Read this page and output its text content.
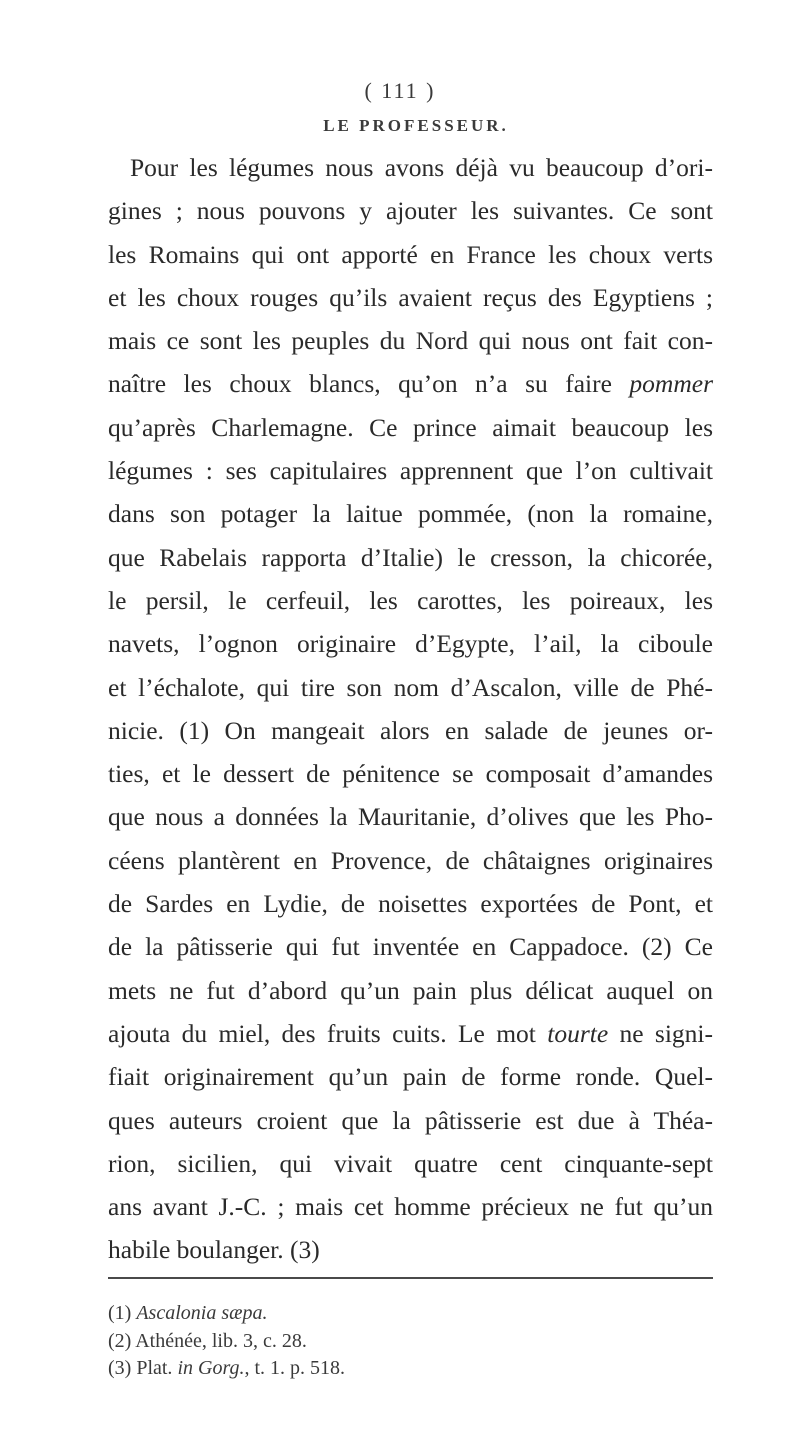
( 111 )
LE PROFESSEUR.
Pour les légumes nous avons déjà vu beaucoup d’ori-
gines ; nous pouvons y ajouter les suivantes. Ce sont
les Romains qui ont apporté en France les choux verts
et les choux rouges qu’ils avaient reçus des Egyptiens ;
mais ce sont les peuples du Nord qui nous ont fait con-
naître les choux blancs, qu’on n’a su faire pommer
qu’après Charlemagne. Ce prince aimait beaucoup les
légumes : ses capitulaires apprennent que l’on cultivait
dans son potager la laitue pommée, (non la romaine,
que Rabelais rapporta d’Italie) le cresson, la chicorée,
le persil, le cerfeuil, les carottes, les poireaux, les
navets, l’ognon originaire d’Egypte, l’ail, la ciboule
et l’échalote, qui tire son nom d’Ascalon, ville de Phé-
nicie. (1) On mangeait alors en salade de jeunes or-
ties, et le dessert de pénitence se composait d’amandes
que nous a données la Mauritanie, d’olives que les Pho-
céens plantèrent en Provence, de châtaignes originaires
de Sardes en Lydie, de noisettes exportées de Pont, et
de la pâtisserie qui fut inventée en Cappadoce. (2) Ce
mets ne fut d’abord qu’un pain plus délicat auquel on
ajouta du miel, des fruits cuits. Le mot tourte ne signi-
fiait originairement qu’un pain de forme ronde. Quel-
ques auteurs croient que la pâtisserie est due à Théa-
rion, sicilien, qui vivait quatre cent cinquante-sept
ans avant J.-C. ; mais cet homme précieux ne fut qu’un
habile boulanger. (3)
(1) Ascalonia sæpa.
(2) Athénée, lib. 3, c. 28.
(3) Plat. in Gorg., t. 1. p. 518.
